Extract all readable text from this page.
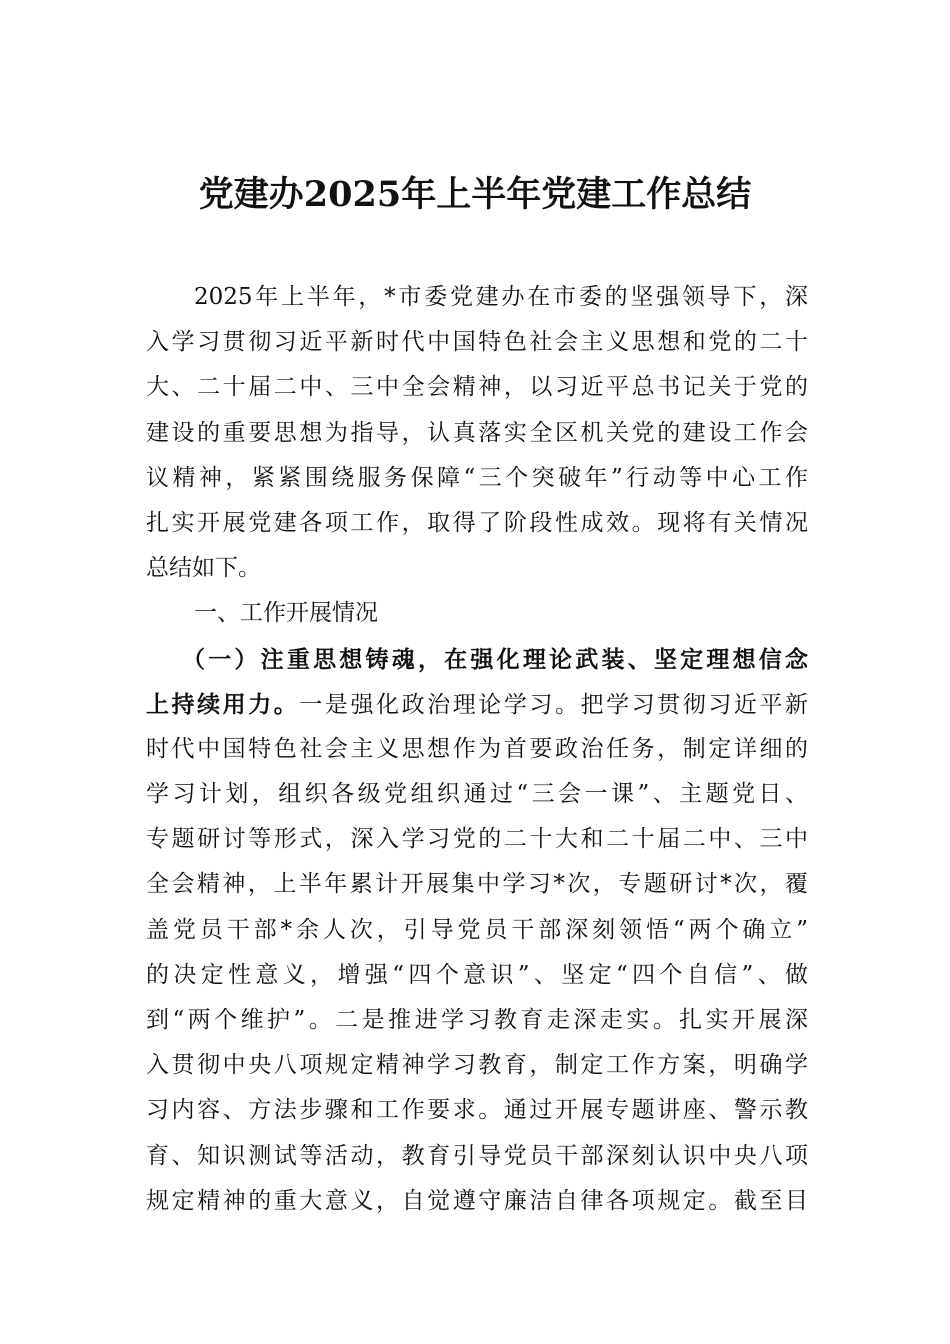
党建办2025年上半年党建工作总结
2025年上半年，*市委党建办在市委的坚强领导下，深
入学习贯彻习近平新时代中国特色社会主义思想和党的二十
大、二十届二中、三中全会精神，以习近平总书记关于党的
建设的重要思想为指导，认真落实全区机关党的建设工作会
议精神，紧紧围绕服务保障“三个突破年”行动等中心工作
扎实开展党建各项工作，取得了阶段性成效。现将有关情况
总结如下。
一、工作开展情况
（一）注重思想铸魂，在强化理论武装、坚定理想信念
上持续用力。一是强化政治理论学习。把学习贯彻习近平新
时代中国特色社会主义思想作为首要政治任务，制定详细的
学习计划，组织各级党组织通过“三会一课”、主题党日、
专题研讨等形式，深入学习党的二十大和二十届二中、三中
全会精神，上半年累计开展集中学习*次，专题研讨*次，覆
盖党员干部*余人次，引导党员干部深刻领悟“两个确立”
的决定性意义，增强“四个意识”、坚定“四个自信”、做
到“两个维护”。二是推进学习教育走深走实。扎实开展深
入贯彻中央八项规定精神学习教育，制定工作方案，明确学
习内容、方法步骤和工作要求。通过开展专题讲座、警示教
育、知识测试等活动，教育引导党员干部深刻认识中央八项
规定精神的重大意义，自觉遵守廉洁自律各项规定。截至目
